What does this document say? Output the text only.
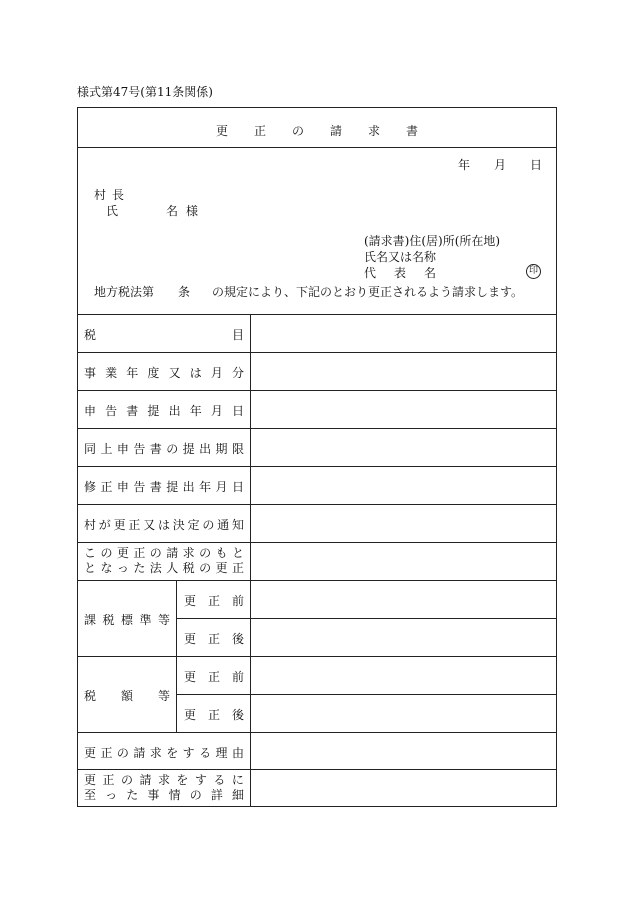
様式第47号(第11条関係)
更正の請求書
年 月 日
村長
氏	名 様
(請求書)住(居)所(所在地)
氏名又は名称
代 表 名	印
地方税法第 条 の規定により、下記のとおり更正されるよう請求します。
税	目
事 業 年 度 又 は 月 分
申 告 書 提 出 年 月 日
同 上 申 告 書 の 提 出 期 限
修 正 申 告 書 提 出 年 月 日
村 が 更 正 又 は 決 定 の 通 知
こ の 更 正 の 請 求 の も と
と な っ た 法 人 税 の 更 正
課 税 標 準 等
更 正 前
更 正 後
税 額 等
更 正 前
更 正 後
更 正 の 請 求 を す る 理 由
更 正 の 請 求 を す る に
至 っ た 事 情 の 詳 細
